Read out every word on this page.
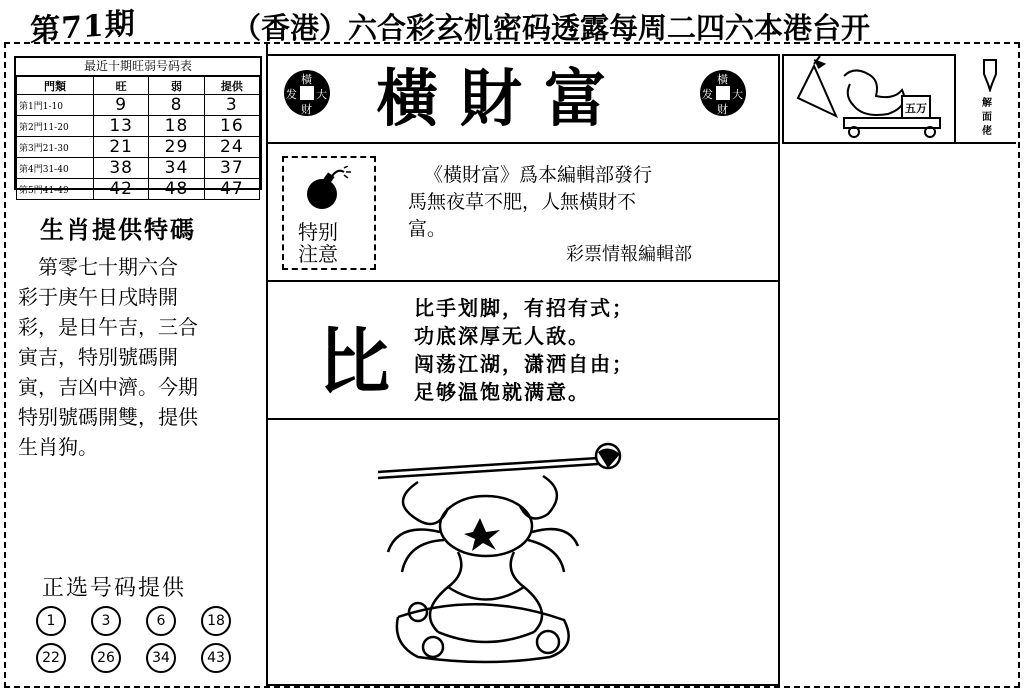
第71期	（香港）六合彩玄机密码透露每周二四六本港台开
最近十期旺弱号码表
門類	旺	弱	提供
第1門1-10	9	8	3
第2門11-20	13	18	16
第3門21-30	21	29	24
第4門31-40	38	34	37
第5門41-49	42	48	47
生肖提供特碼
　第零七十期六合
彩于庚午日戌時開
彩，是日午吉，三合
寅吉，特別號碼開
寅，吉凶中濟。今期
特别號碼開雙，提供
生肖狗。
正选号码提供
1	3	6	18
22	26	34	43
橫
发 大
财 橫財富	橫
发 大
财
特别
注意
《橫財富》爲本編輯部發行
馬無夜草不肥，人無橫財不
富。
彩票情報編輯部
比
比手划脚，有招有式；
功底深厚无人敌。
闯荡江湖，潇洒自由；
足够温饱就满意。
五万	解
面
佬
